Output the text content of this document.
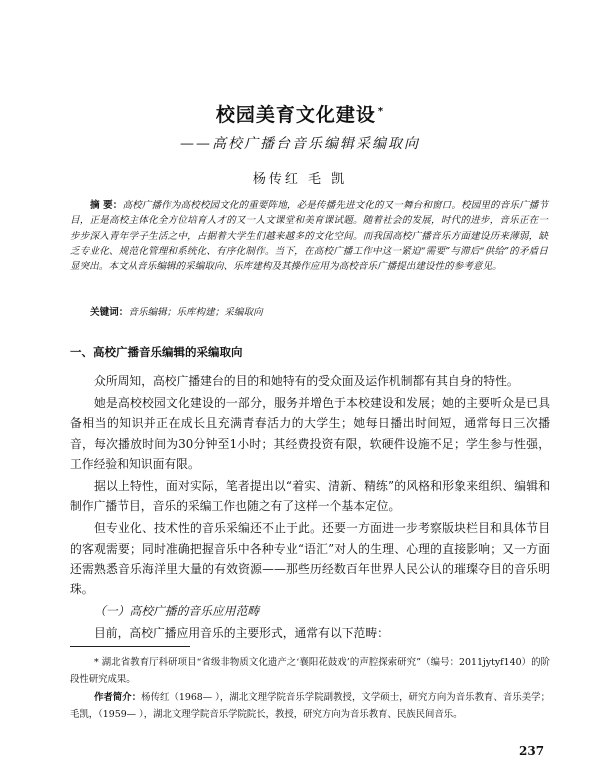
校园美育文化建设 *
——高校广播台音乐编辑采编取向
杨传红 毛 凯
摘 要：高校广播作为高校校园文化的重要阵地，必是传播先进文化的又一舞台和窗口。校园里的音乐广播节目，正是高校主体化全方位培育人才的又一人文课堂和美育课试题。随着社会的发展，时代的进步，音乐正在一步步深入青年学子生活之中，占据着大学生们越来越多的文化空间。而我国高校广播音乐方面建设历来薄弱，缺乏专业化、规范化管理和系统化、有序化制作。当下，在高校广播工作中这一紧迫“需要”与滞后“供给”的矛盾日显突出。本文从音乐编辑的采编取向、乐库建构及其操作应用为高校音乐广播提出建设性的参考意见。
关键词：音乐编辑；乐库构建；采编取向
一、高校广播音乐编辑的采编取向

众所周知，高校广播建台的目的和她特有的受众面及运作机制都有其自身的特性。

她是高校校园文化建设的一部分，服务并增色于本校建设和发展；她的主要听众是已具备相当的知识并正在成长且充满青春活力的大学生；她每日播出时间短，通常每日三次播音，每次播放时间为30分钟至1小时；其经费投资有限，软硬件设施不足；学生参与性强，工作经验和知识面有限。

据以上特性，面对实际，笔者提出以“着实、清新、精练”的风格和形象来组织、编辑和制作广播节目，音乐的采编工作也随之有了这样一个基本定位。

但专业化、技术性的音乐采编还不止于此。还要一方面进一步考察版块栏目和具体节目的客观需要；同时准确把握音乐中各种专业“语汇”对人的生理、心理的直接影响；又一方面还需熟悉音乐海洋里大量的有效资源——那些历经数百年世界人民公认的璀璨夺目的音乐明珠。

（一）高校广播的音乐应用范畴

目前，高校广播应用音乐的主要形式，通常有以下范畴：

* 湖北省教育厅科研项目“省级非物质文化遗产之‘襄阳花鼓戏’的声腔探索研究”（编号：2011jytyf140）的阶段性研究成果。

作者简介：杨传红（1968— ），湖北文理学院音乐学院副教授，文学硕士，研究方向为音乐教育、音乐美学；毛凯，（1959— ），湖北文理学院音乐学院院长，教授，研究方向为音乐教育、民族民间音乐。

237
